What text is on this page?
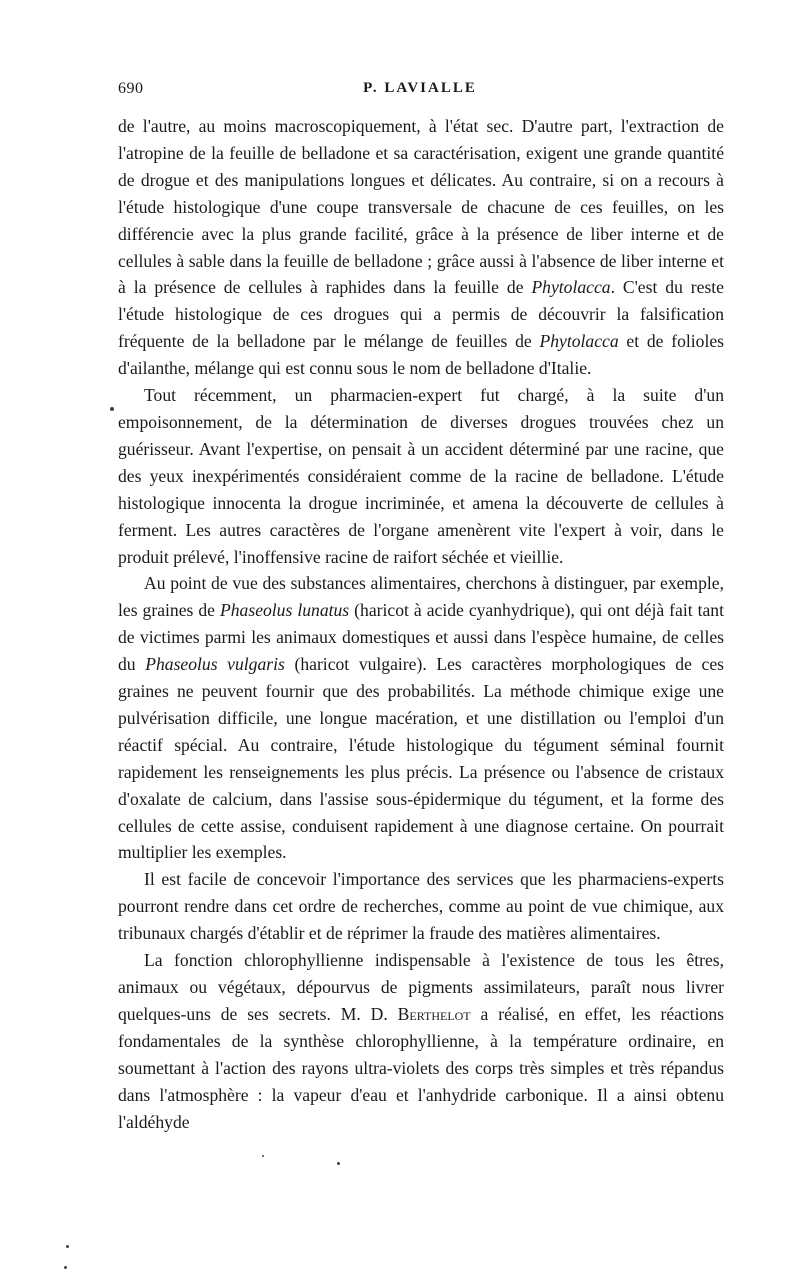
690	P. LAVIALLE

de l'autre, au moins macroscopiquement, à l'état sec. D'autre part, l'extraction de l'atropine de la feuille de belladone et sa caractérisation, exigent une grande quantité de drogue et des manipulations longues et délicates. Au contraire, si on a recours à l'étude histologique d'une coupe transversale de chacune de ces feuilles, on les différencie avec la plus grande facilité, grâce à la présence de liber interne et de cellules à sable dans la feuille de belladone ; grâce aussi à l'absence de liber interne et à la présence de cellules à raphides dans la feuille de Phytolacca. C'est du reste l'étude histologique de ces drogues qui a permis de découvrir la falsification fréquente de la belladone par le mélange de feuilles de Phytolacca et de folioles d'ailanthe, mélange qui est connu sous le nom de belladone d'Italie.

Tout récemment, un pharmacien-expert fut chargé, à la suite d'un empoisonnement, de la détermination de diverses drogues trouvées chez un guérisseur. Avant l'expertise, on pensait à un accident déterminé par une racine, que des yeux inexpérimentés considéraient comme de la racine de belladone. L'étude histologique innocenta la drogue incriminée, et amena la découverte de cellules à ferment. Les autres caractères de l'organe amenèrent vite l'expert à voir, dans le produit prélevé, l'inoffensive racine de raifort séchée et vieillie.

Au point de vue des substances alimentaires, cherchons à distinguer, par exemple, les graines de Phaseolus lunatus (haricot à acide cyanhydrique), qui ont déjà fait tant de victimes parmi les animaux domestiques et aussi dans l'espèce humaine, de celles du Phaseolus vulgaris (haricot vulgaire). Les caractères morphologiques de ces graines ne peuvent fournir que des probabilités. La méthode chimique exige une pulvérisation difficile, une longue macération, et une distillation ou l'emploi d'un réactif spécial. Au contraire, l'étude histologique du tégument séminal fournit rapidement les renseignements les plus précis. La présence ou l'absence de cristaux d'oxalate de calcium, dans l'assise sous-épidermique du tégument, et la forme des cellules de cette assise, conduisent rapidement à une diagnose certaine. On pourrait multiplier les exemples.

Il est facile de concevoir l'importance des services que les pharmaciens-experts pourront rendre dans cet ordre de recherches, comme au point de vue chimique, aux tribunaux chargés d'établir et de réprimer la fraude des matières alimentaires.

La fonction chlorophyllienne indispensable à l'existence de tous les êtres, animaux ou végétaux, dépourvus de pigments assimilateurs, paraît nous livrer quelques-uns de ses secrets. M. D. Berthelot a réalisé, en effet, les réactions fondamentales de la synthèse chlorophyllienne, à la température ordinaire, en soumettant à l'action des rayons ultra-violets des corps très simples et très répandus dans l'atmosphère : la vapeur d'eau et l'anhydride carbonique. Il a ainsi obtenu l'aldéhyde
